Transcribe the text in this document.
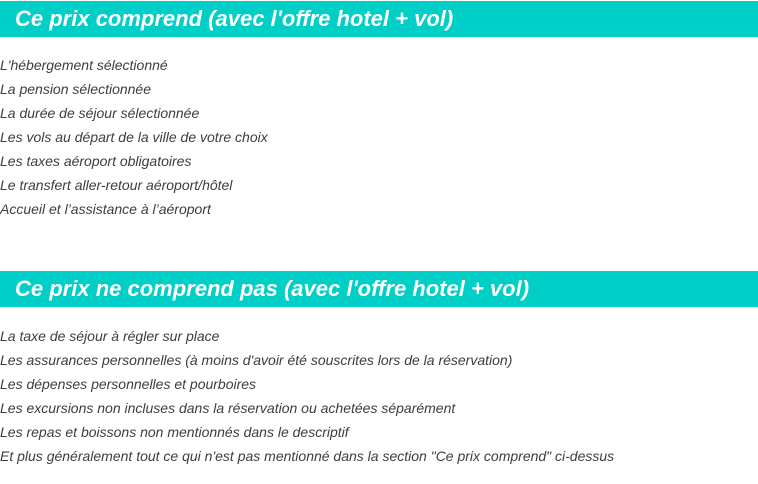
Ce prix comprend (avec l'offre hotel + vol)
L'hébergement sélectionné
La pension sélectionnée
La durée de séjour sélectionnée
Les vols au départ de la ville de votre choix
Les taxes aéroport obligatoires
Le transfert aller-retour aéroport/hôtel
Accueil et l’assistance à l’aéroport
Ce prix ne comprend pas (avec l'offre hotel + vol)
La taxe de séjour à régler sur place
Les assurances personnelles (à moins d'avoir été souscrites lors de la réservation)
Les dépenses personnelles et pourboires
Les excursions non incluses dans la réservation ou achetées séparément
Les repas et boissons non mentionnés dans le descriptif
Et plus généralement tout ce qui n'est pas mentionné dans la section "Ce prix comprend" ci-dessus
